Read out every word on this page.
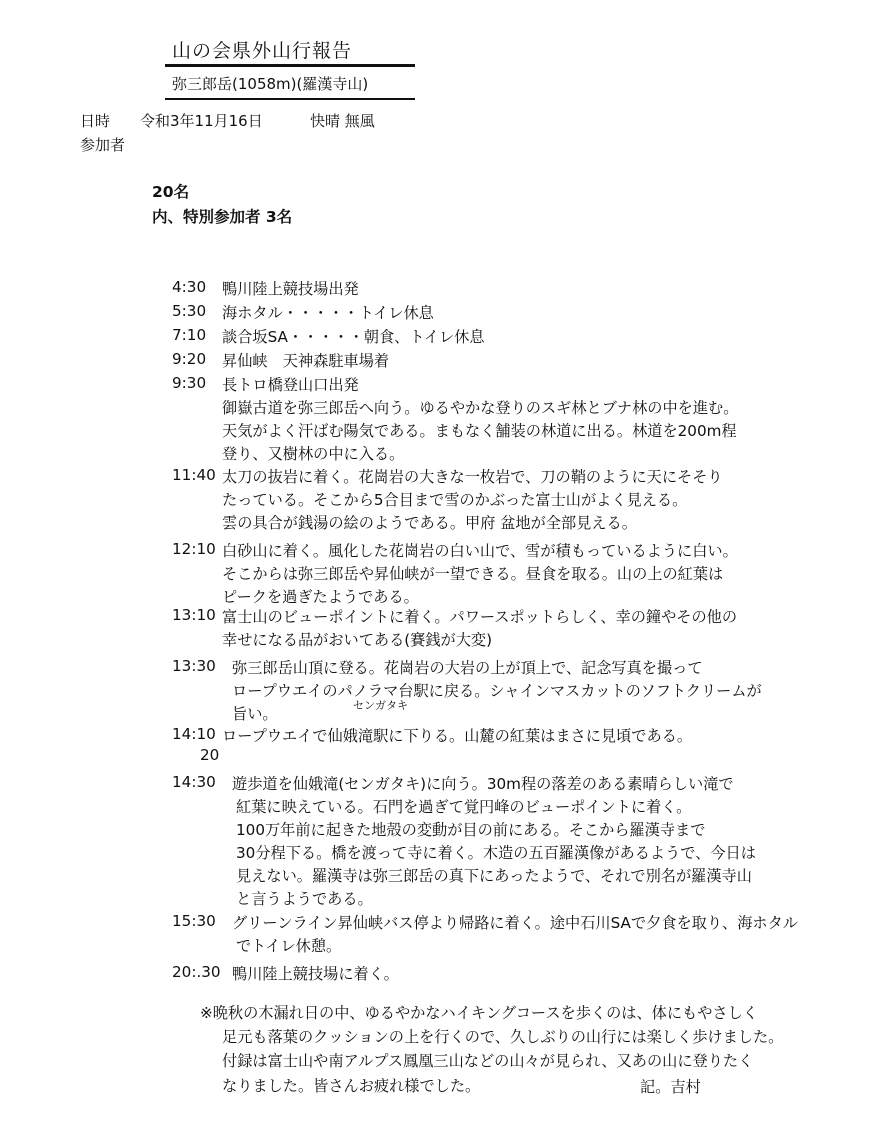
山の会県外山行報告
弥三郎岳(1058m)(羅漢寺山)
日時 令和3年11月16日	快晴 無風
参加者
20名
内、特別参加者 3名
4:30 鴨川陸上競技場出発
5:30 海ホタル・・・・・トイレ休息
7:10 談合坂SA・・・・・朝食、トイレ休息
9:20 昇仙峡　天神森駐車場着
9:30 長トロ橋登山口出発
御嶽古道を弥三郎岳へ向う。ゆるやかな登りのスギ林とブナ林の中を進む。
天気がよく汗ばむ陽気である。まもなく舗装の林道に出る。林道を200m程
登り、又樹林の中に入る。
11:40 太刀の抜岩に着く。花崗岩の大きな一枚岩で、刀の鞘のように天にそそり
たっている。そこから5合目まで雪のかぶった富士山がよく見える。
雲の具合が銭湯の絵のようである。甲府 盆地が全部見える。
12:10 白砂山に着く。風化した花崗岩の白い山で、雪が積もっているように白い。
そこからは弥三郎岳や昇仙峡が一望できる。昼食を取る。山の上の紅葉は
ピークを過ぎたようである。
13:10 富士山のビューポイントに着く。パワースポットらしく、幸の鐘やその他の
幸せになる品がおいてある(賽銭が大変)
13:30 弥三郎岳山頂に登る。花崗岩の大岩の上が頂上で、記念写真を撮って
ロープウエイのパノラマ台駅に戻る。シャインマスカットのソフトクリームが
旨い。
14:10 ロープウエイで仙娥滝駅に下りる。山麓の紅葉はまさに見頃である。
14:30 遊歩道を仙娥滝(センガタキ)に向う。30m程の落差のある素晴らしい滝で
紅葉に映えている。石門を過ぎて覚円峰のビューポイントに着く。
100万年前に起きた地殻の変動が目の前にある。そこから羅漢寺まで
30分程下る。橋を渡って寺に着く。木造の五百羅漢像があるようで、今日は
見えない。羅漢寺は弥三郎岳の真下にあったようで、それで別名が羅漢寺山
と言うようである。
15:30 グリーンライン昇仙峡バス停より帰路に着く。途中石川SAで夕食を取り、海ホタル
でトイレ休憩。
20:.30 鴨川陸上競技場に着く。
センガタキ
20
※晩秋の木漏れ日の中、ゆるやかなハイキングコースを歩くのは、体にもやさしく
足元も落葉のクッションの上を行くので、久しぶりの山行には楽しく歩けました。
付録は富士山や南アルプス鳳凰三山などの山々が見られ、又あの山に登りたく
なりました。皆さんお疲れ様でした。	記。吉村
